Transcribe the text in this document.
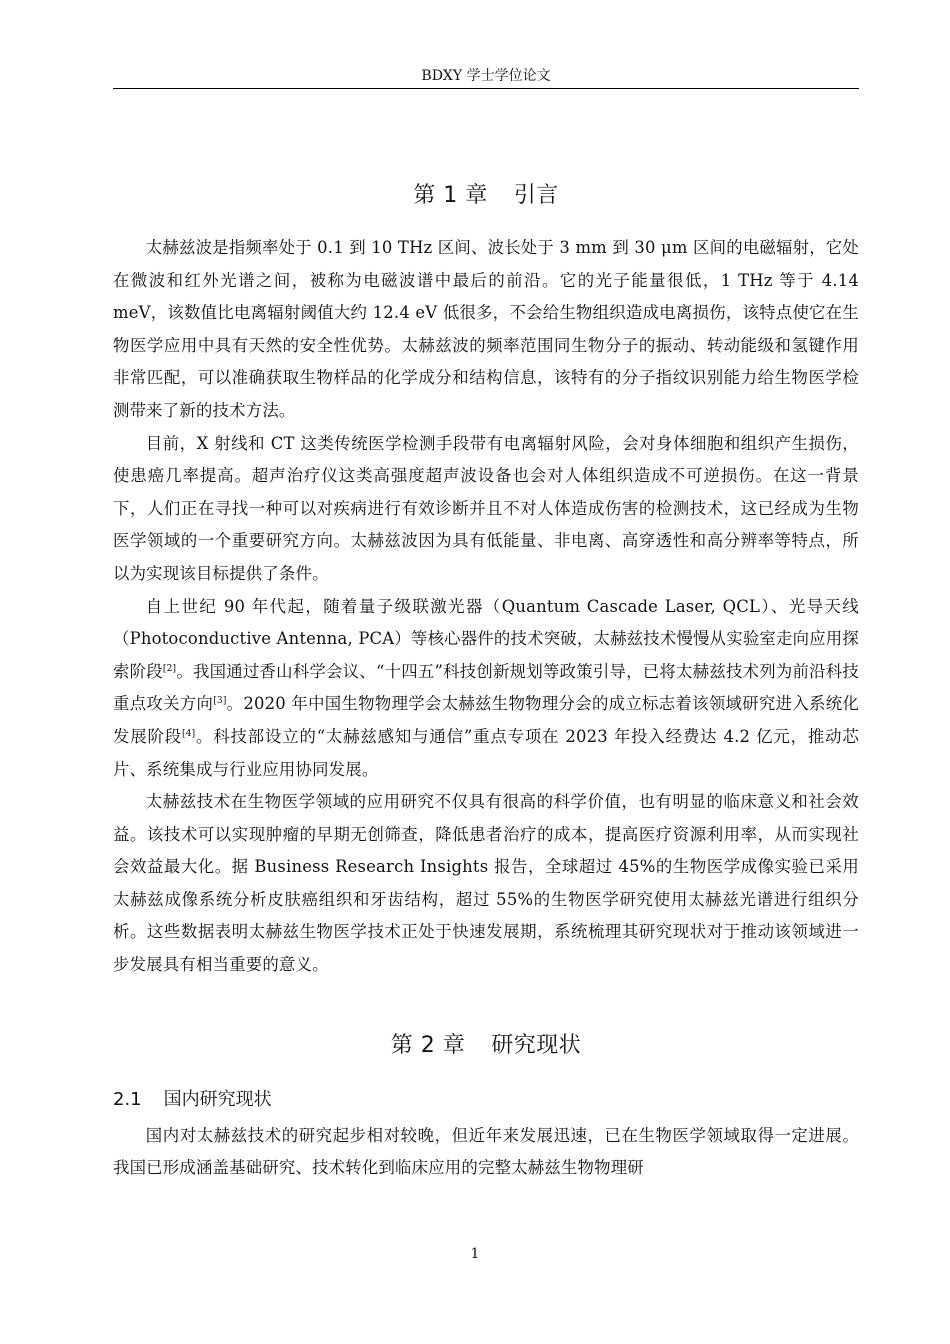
BDXY 学士学位论文
第 1 章 引言

太赫兹波是指频率处于 0.1 到 10 THz 区间、波长处于 3 mm 到 30 μm 区间的电磁辐射，它处在微波和红外光谱之间，被称为电磁波谱中最后的前沿。它的光子能量很低，1 THz 等于 4.14 meV，该数值比电离辐射阈值大约 12.4 eV 低很多，不会给生物组织造成电离损伤，该特点使它在生物医学应用中具有天然的安全性优势。太赫兹波的频率范围同生物分子的振动、转动能级和氢键作用非常匹配，可以准确获取生物样品的化学成分和结构信息，该特有的分子指纹识别能力给生物医学检测带来了新的技术方法。

目前，X 射线和 CT 这类传统医学检测手段带有电离辐射风险，会对身体细胞和组织产生损伤，使患癌几率提高。超声治疗仪这类高强度超声波设备也会对人体组织造成不可逆损伤。在这一背景下，人们正在寻找一种可以对疾病进行有效诊断并且不对人体造成伤害的检测技术，这已经成为生物医学领域的一个重要研究方向。太赫兹波因为具有低能量、非电离、高穿透性和高分辨率等特点，所以为实现该目标提供了条件。

自上世纪 90 年代起，随着量子级联激光器（Quantum Cascade Laser, QCL）、光导天线（Photoconductive Antenna, PCA）等核心器件的技术突破，太赫兹技术慢慢从实验室走向应用探索阶段[2]。我国通过香山科学会议、“十四五”科技创新规划等政策引导，已将太赫兹技术列为前沿科技重点攻关方向[3]。2020 年中国生物物理学会太赫兹生物物理分会的成立标志着该领域研究进入系统化发展阶段[4]。科技部设立的“太赫兹感知与通信”重点专项在 2023 年投入经费达 4.2 亿元，推动芯片、系统集成与行业应用协同发展。

太赫兹技术在生物医学领域的应用研究不仅具有很高的科学价值，也有明显的临床意义和社会效益。该技术可以实现肿瘤的早期无创筛查，降低患者治疗的成本，提高医疗资源利用率，从而实现社会效益最大化。据 Business Research Insights 报告，全球超过 45%的生物医学成像实验已采用太赫兹成像系统分析皮肤癌组织和牙齿结构，超过 55%的生物医学研究使用太赫兹光谱进行组织分析。这些数据表明太赫兹生物医学技术正处于快速发展期，系统梳理其研究现状对于推动该领域进一步发展具有相当重要的意义。

第 2 章 研究现状
2.1 国内研究现状

国内对太赫兹技术的研究起步相对较晚，但近年来发展迅速，已在生物医学领域取得一定进展。我国已形成涵盖基础研究、技术转化到临床应用的完整太赫兹生物物理研

1
